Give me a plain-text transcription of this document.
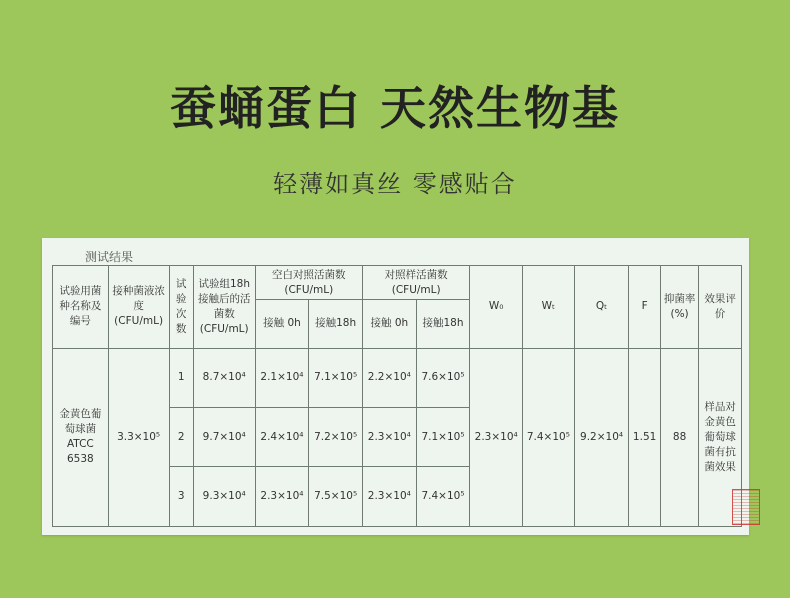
蚕蛹蛋白 天然生物基
轻薄如真丝 零感贴合
测试结果
试验用菌种名称及编号	接种菌液浓度(CFU/mL)	试验次数	试验组18h接触后的活菌数(CFU/mL)	空白对照活菌数(CFU/mL)		对照样活菌数(CFU/mL)		W₀	Wₜ	Qₜ	F	抑菌率(%)	效果评价
				接触 0h	接触18h	接触 0h	接触18h						
金黄色葡萄球菌ATCC 6538	3.3×10⁵	1	8.7×10⁴	2.1×10⁴	7.1×10⁵	2.2×10⁴	7.6×10⁵	2.3×10⁴	7.4×10⁵	9.2×10⁴	1.51	88	样品对金黄色葡萄球菌有抗菌效果
		2	9.7×10⁴	2.4×10⁴	7.2×10⁵	2.3×10⁴	7.1×10⁵						
		3	9.3×10⁴	2.3×10⁴	7.5×10⁵	2.3×10⁴	7.4×10⁵						
